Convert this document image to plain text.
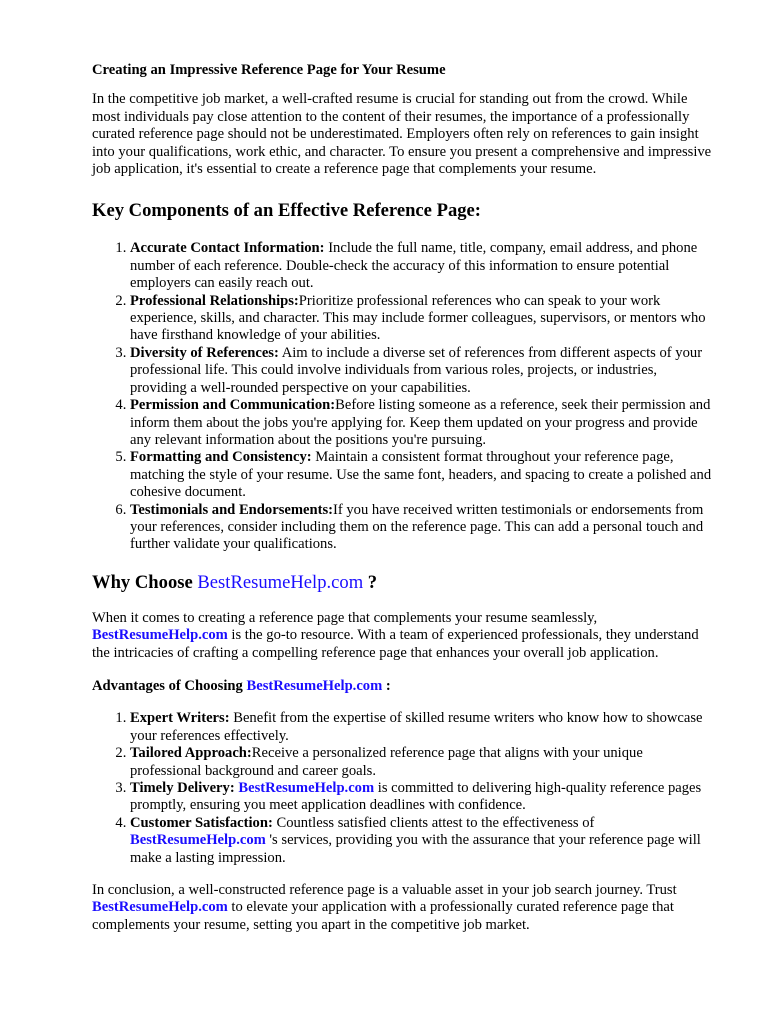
Creating an Impressive Reference Page for Your Resume

In the competitive job market, a well-crafted resume is crucial for standing out from the crowd. While most individuals pay close attention to the content of their resumes, the importance of a professionally curated reference page should not be underestimated. Employers often rely on references to gain insight into your qualifications, work ethic, and character. To ensure you present a comprehensive and impressive job application, it's essential to create a reference page that complements your resume.

Key Components of an Effective Reference Page:
1. Accurate Contact Information: Include the full name, title, company, email address, and phone number of each reference. Double-check the accuracy of this information to ensure potential employers can easily reach out.
2. Professional Relationships:Prioritize professional references who can speak to your work experience, skills, and character. This may include former colleagues, supervisors, or mentors who have firsthand knowledge of your abilities.
3. Diversity of References: Aim to include a diverse set of references from different aspects of your professional life. This could involve individuals from various roles, projects, or industries, providing a well-rounded perspective on your capabilities.
4. Permission and Communication:Before listing someone as a reference, seek their permission and inform them about the jobs you're applying for. Keep them updated on your progress and provide any relevant information about the positions you're pursuing.
5. Formatting and Consistency: Maintain a consistent format throughout your reference page, matching the style of your resume. Use the same font, headers, and spacing to create a polished and cohesive document.
6. Testimonials and Endorsements:If you have received written testimonials or endorsements from your references, consider including them on the reference page. This can add a personal touch and further validate your qualifications.
Why Choose BestResumeHelp.com ?

When it comes to creating a reference page that complements your resume seamlessly, BestResumeHelp.com is the go-to resource. With a team of experienced professionals, they understand the intricacies of crafting a compelling reference page that enhances your overall job application.

Advantages of Choosing BestResumeHelp.com :
1. Expert Writers: Benefit from the expertise of skilled resume writers who know how to showcase your references effectively.
2. Tailored Approach:Receive a personalized reference page that aligns with your unique professional background and career goals.
3. Timely Delivery: BestResumeHelp.com is committed to delivering high-quality reference pages promptly, ensuring you meet application deadlines with confidence.
4. Customer Satisfaction: Countless satisfied clients attest to the effectiveness of BestResumeHelp.com 's services, providing you with the assurance that your reference page will make a lasting impression.

In conclusion, a well-constructed reference page is a valuable asset in your job search journey. Trust BestResumeHelp.com to elevate your application with a professionally curated reference page that complements your resume, setting you apart in the competitive job market.
